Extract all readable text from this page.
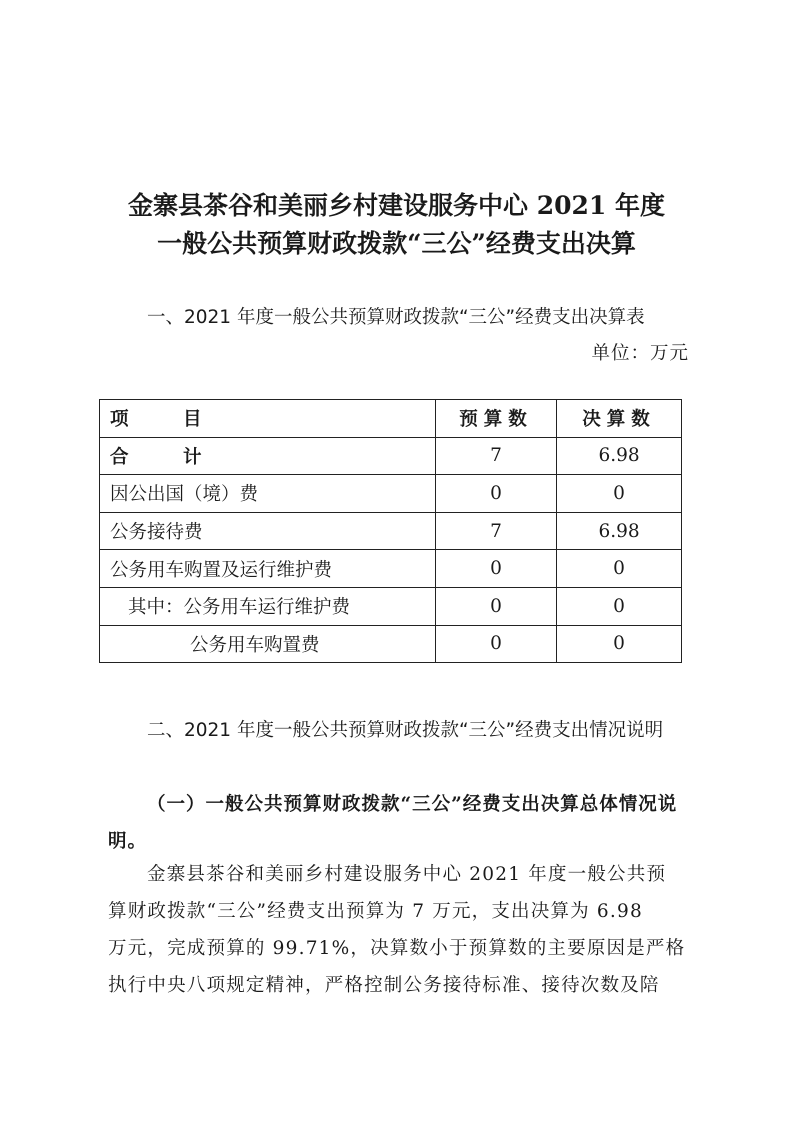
金寨县茶谷和美丽乡村建设服务中心 2021 年度
一般公共预算财政拨款“三公”经费支出决算
一、2021 年度一般公共预算财政拨款“三公”经费支出决算表
单位：万元
项　目	预算数	决算数
合　计	7	6.98
因公出国（境）费	0	0
公务接待费	7	6.98
公务用车购置及运行维护费	0	0
其中：公务用车运行维护费	0	0
公务用车购置费	0	0
二、2021 年度一般公共预算财政拨款“三公”经费支出情况说明
（一）一般公共预算财政拨款“三公”经费支出决算总体情况说明。
金寨县茶谷和美丽乡村建设服务中心 2021 年度一般公共预
算财政拨款“三公”经费支出预算为 7 万元，支出决算为 6.98
万元，完成预算的 99.71%，决算数小于预算数的主要原因是严格
执行中央八项规定精神，严格控制公务接待标准、接待次数及陪
